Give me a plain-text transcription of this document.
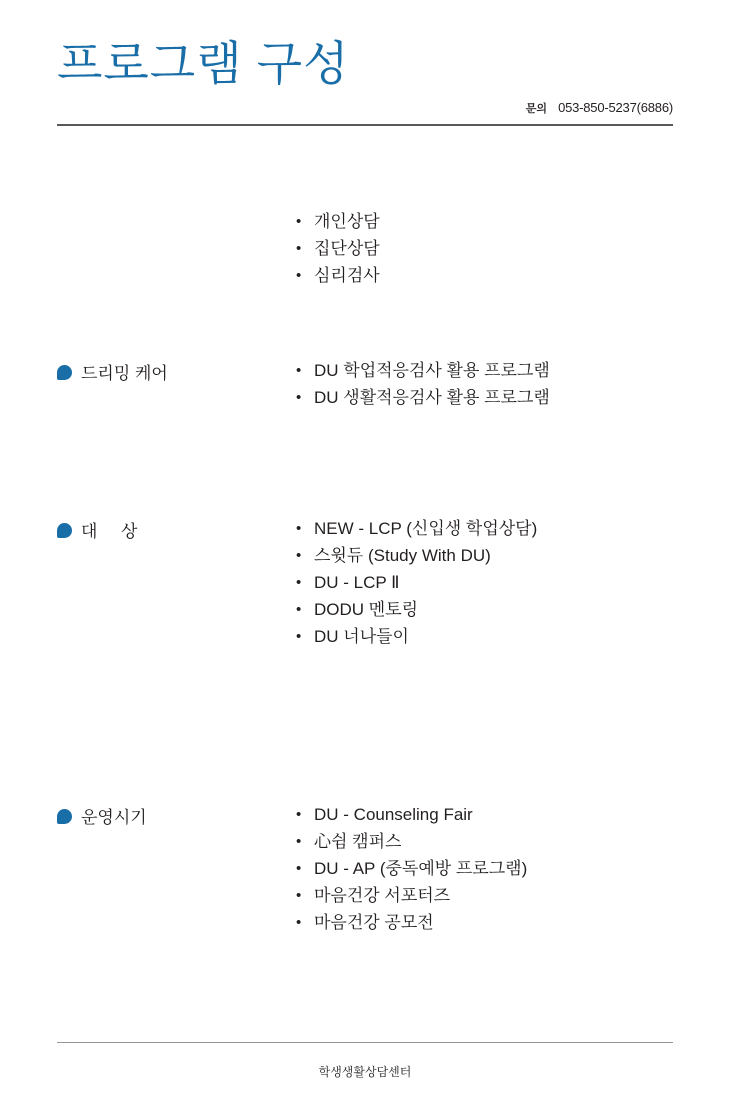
프로그램 구성
문의 053-850-5237(6886)
• 개인상담
• 집단상담
• 심리검사
드리밍 케어	• DU 학업적응검사 활용 프로그램
• DU 생활적응검사 활용 프로그램
대     상	• NEW - LCP (신입생 학업상담)
• 스윗듀 (Study With DU)
• DU - LCP Ⅱ
• DODU 멘토링
• DU 너나들이
운영시기	• DU - Counseling Fair
• 心쉼 캠퍼스
• DU - AP (중독예방 프로그램)
• 마음건강 서포터즈
• 마음건강 공모전
학생생활상담센터
